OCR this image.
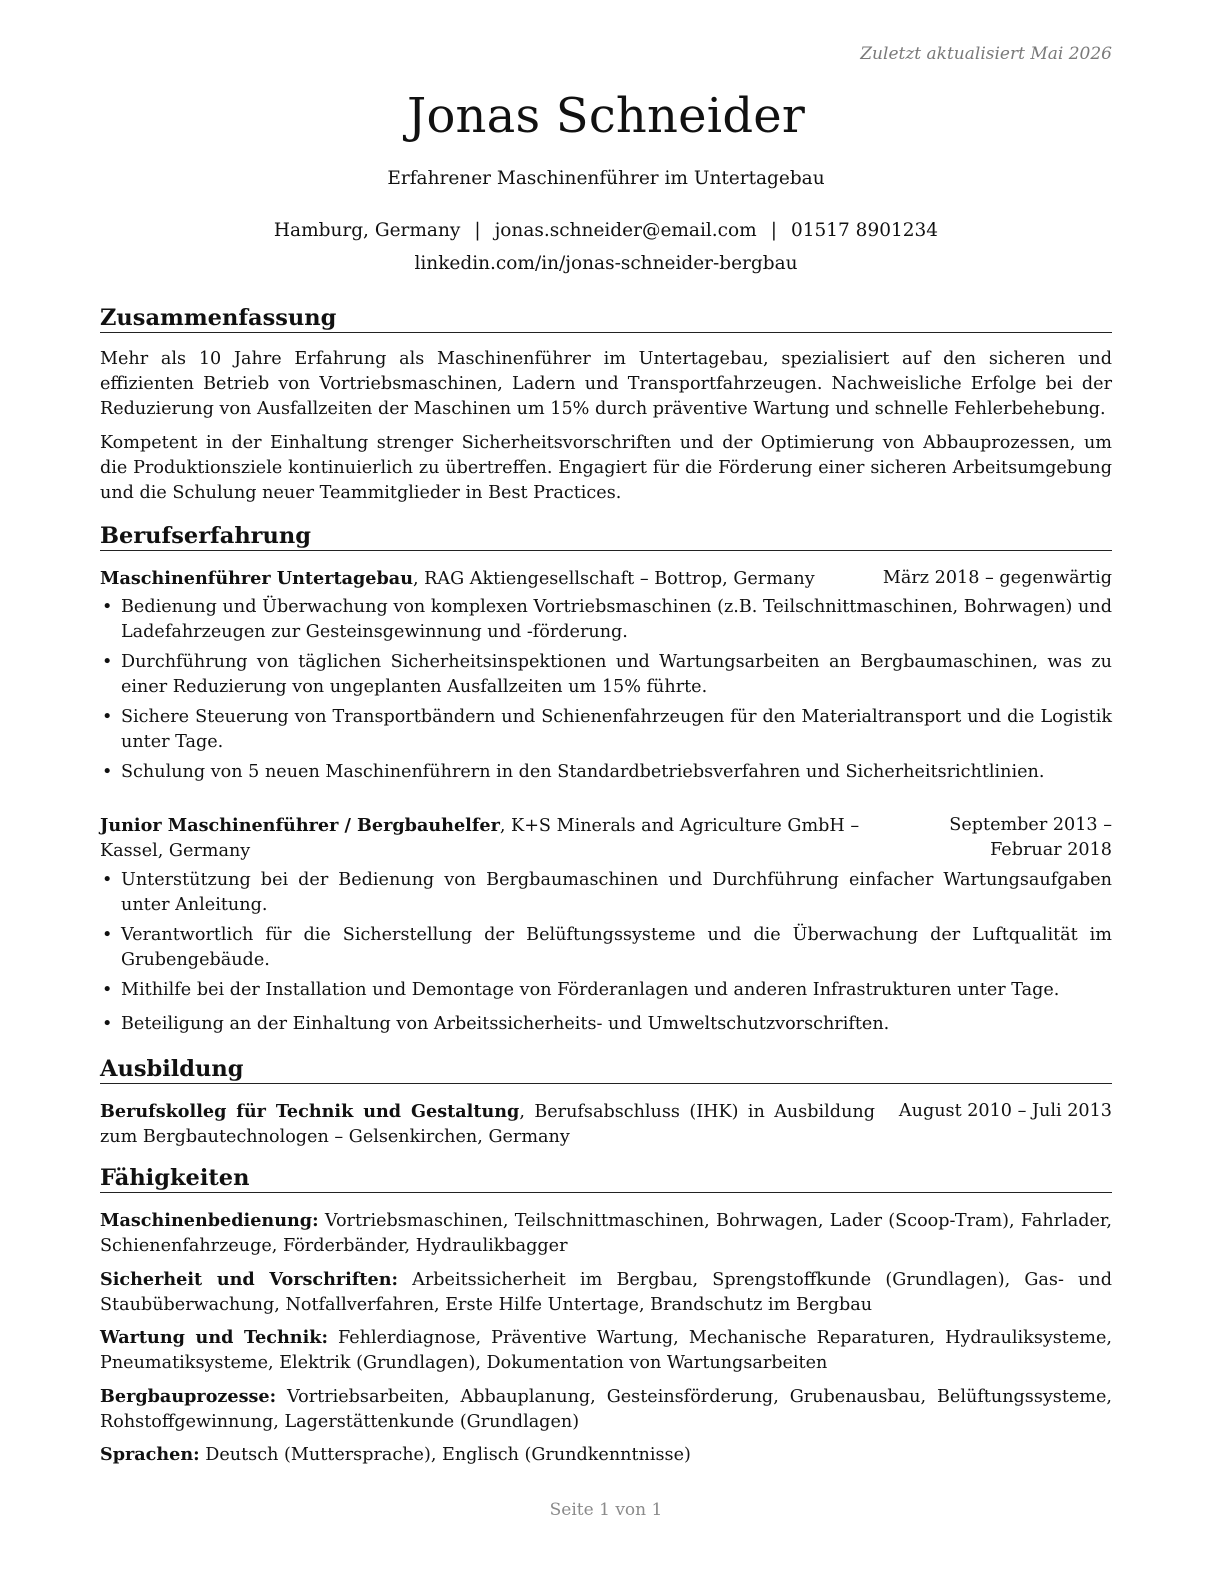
Zuletzt aktualisiert Mai 2026
Jonas Schneider
Erfahrener Maschinenführer im Untertagebau
Hamburg, Germany | jonas.schneider@email.com | 01517 8901234
linkedin.com/in/jonas-schneider-bergbau
Zusammenfassung
Mehr als 10 Jahre Erfahrung als Maschinenführer im Untertagebau, spezialisiert auf den sicheren und effizienten Betrieb von Vortriebsmaschinen, Ladern und Transportfahrzeugen. Nachweisliche Erfolge bei der Reduzierung von Ausfallzeiten der Maschinen um 15% durch präventive Wartung und schnelle Fehlerbehebung.
Kompetent in der Einhaltung strenger Sicherheitsvorschriften und der Optimierung von Abbauprozessen, um die Produktionsziele kontinuierlich zu übertreffen. Engagiert für die Förderung einer sicheren Arbeitsumgebung und die Schulung neuer Teammitglieder in Best Practices.
Berufserfahrung
Maschinenführer Untertagebau, RAG Aktiengesellschaft – Bottrop, Germany	März 2018 – gegenwärtig
• Bedienung und Überwachung von komplexen Vortriebsmaschinen (z.B. Teilschnittmaschinen, Bohrwagen) und Ladefahrzeugen zur Gesteinsgewinnung und -förderung.
• Durchführung von täglichen Sicherheitsinspektionen und Wartungsarbeiten an Bergbaumaschinen, was zu einer Reduzierung von ungeplanten Ausfallzeiten um 15% führte.
• Sichere Steuerung von Transportbändern und Schienenfahrzeugen für den Materialtransport und die Logistik unter Tage.
• Schulung von 5 neuen Maschinenführern in den Standardbetriebsverfahren und Sicherheitsrichtlinien.
Junior Maschinenführer / Bergbauhelfer, K+S Minerals and Agriculture GmbH – Kassel, Germany
September 2013 – Februar 2018
• Unterstützung bei der Bedienung von Bergbaumaschinen und Durchführung einfacher Wartungsaufgaben unter Anleitung.
• Verantwortlich für die Sicherstellung der Belüftungssysteme und die Überwachung der Luftqualität im Grubengebäude.
• Mithilfe bei der Installation und Demontage von Förderanlagen und anderen Infrastrukturen unter Tage.
• Beteiligung an der Einhaltung von Arbeitssicherheits- und Umweltschutzvorschriften.
Ausbildung
Berufskolleg für Technik und Gestaltung, Berufsabschluss (IHK) in Ausbildung zum Bergbautechnologen – Gelsenkirchen, Germany
August 2010 – Juli 2013
Fähigkeiten
Maschinenbedienung: Vortriebsmaschinen, Teilschnittmaschinen, Bohrwagen, Lader (Scoop-Tram), Fahrlader, Schienenfahrzeuge, Förderbänder, Hydraulikbagger
Sicherheit und Vorschriften: Arbeitssicherheit im Bergbau, Sprengstoffkunde (Grundlagen), Gas- und Staubüberwachung, Notfallverfahren, Erste Hilfe Untertage, Brandschutz im Bergbau
Wartung und Technik: Fehlerdiagnose, Präventive Wartung, Mechanische Reparaturen, Hydrauliksysteme, Pneumatiksysteme, Elektrik (Grundlagen), Dokumentation von Wartungsarbeiten
Bergbauprozesse: Vortriebsarbeiten, Abbauplanung, Gesteinsförderung, Grubenausbau, Belüftungssysteme, Rohstoffgewinnung, Lagerstättenkunde (Grundlagen)
Sprachen: Deutsch (Muttersprache), Englisch (Grundkenntnisse)
Seite 1 von 1
